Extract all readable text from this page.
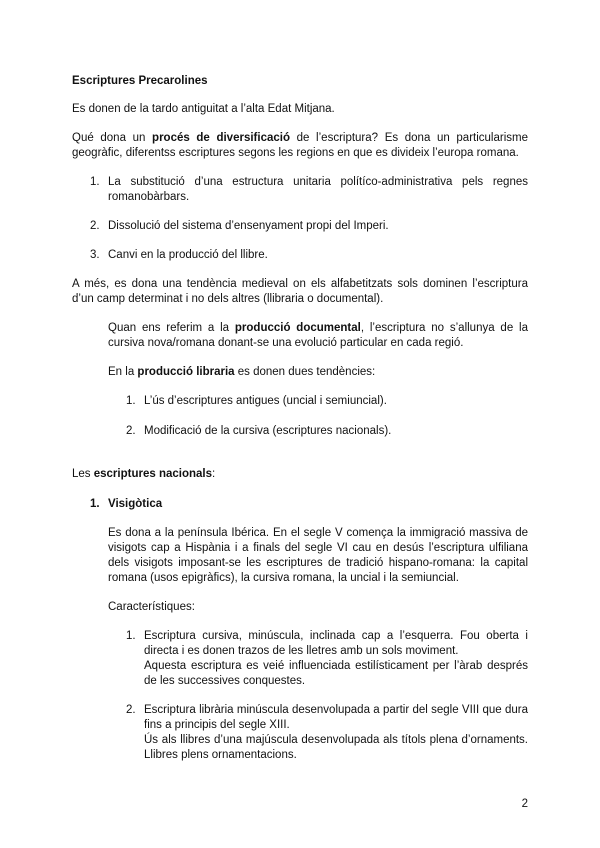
Escriptures Precarolines

Es donen de la tardo antiguitat a l’alta Edat Mitjana.

Qué dona un procés de diversificació de l’escriptura? Es dona un particularisme geogràfic, diferentss escriptures segons les regions en que es divideix l’europa romana.

1. La substitució d’una estructura unitaria polítíco-administrativa pels regnes romanobàrbars.
2. Dissolució del sistema d’ensenyament propi del Imperi.
3. Canvi en la producció del llibre.

A més, es dona una tendència medieval on els alfabetitzats sols dominen l’escriptura d’un camp determinat i no dels altres (llibraria o documental).

Quan ens referim a la producció documental, l’escriptura no s’allunya de la cursiva nova/romana donant-se una evolució particular en cada regió.

En la producció libraria es donen dues tendències:

1. L’ús d’escriptures antigues (uncial i semiuncial).
2. Modificació de la cursiva (escriptures nacionals).

Les escriptures nacionals:

1. Visigòtica

Es dona a la península Ibérica. En el segle V comença la immigració massiva de visigots cap a Hispània i a finals del segle VI cau en desús l’escriptura ulfiliana dels visigots imposant-se les escriptures de tradició hispano-romana: la capital romana (usos epigràfics), la cursiva romana, la uncial i la semiuncial.

Característiques:

1. Escriptura cursiva, minúscula, inclinada cap a l’esquerra. Fou oberta i directa i es donen trazos de les lletres amb un sols moviment.
Aquesta escriptura es veié influenciada estilísticament per l’àrab després de les successives conquestes.
2. Escriptura librària minúscula desenvolupada a partir del segle VIII que dura fins a principis del segle XIII.
Ús als llibres d’una majúscula desenvolupada als títols plena d’ornaments. Llibres plens ornamentacions.

2
